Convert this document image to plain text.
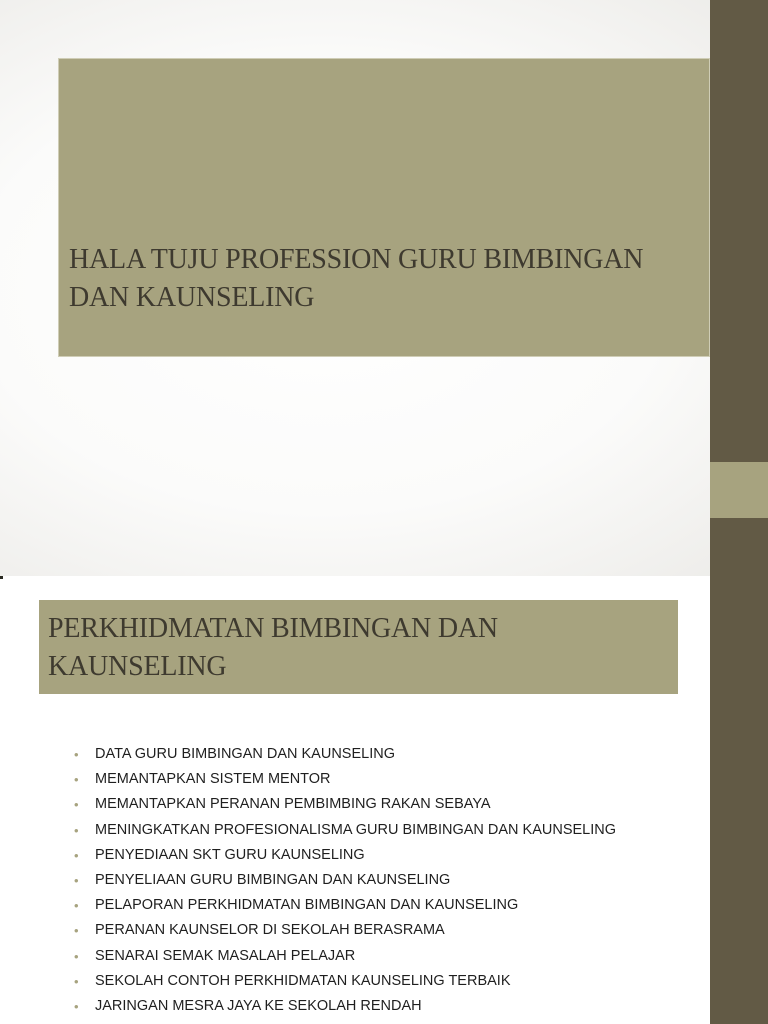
HALA TUJU PROFESSION GURU BIMBINGAN DAN KAUNSELING
PERKHIDMATAN BIMBINGAN DAN KAUNSELING
• DATA GURU BIMBINGAN DAN KAUNSELING
• MEMANTAPKAN SISTEM MENTOR
• MEMANTAPKAN PERANAN PEMBIMBING RAKAN SEBAYA
• MENINGKATKAN PROFESIONALISMA GURU BIMBINGAN DAN KAUNSELING
• PENYEDIAAN SKT GURU KAUNSELING
• PENYELIAAN GURU BIMBINGAN DAN KAUNSELING
• PELAPORAN PERKHIDMATAN BIMBINGAN DAN KAUNSELING
• PERANAN KAUNSELOR DI SEKOLAH BERASRAMA
• SENARAI SEMAK MASALAH PELAJAR
• SEKOLAH CONTOH PERKHIDMATAN KAUNSELING TERBAIK
• JARINGAN MESRA JAYA KE SEKOLAH RENDAH
